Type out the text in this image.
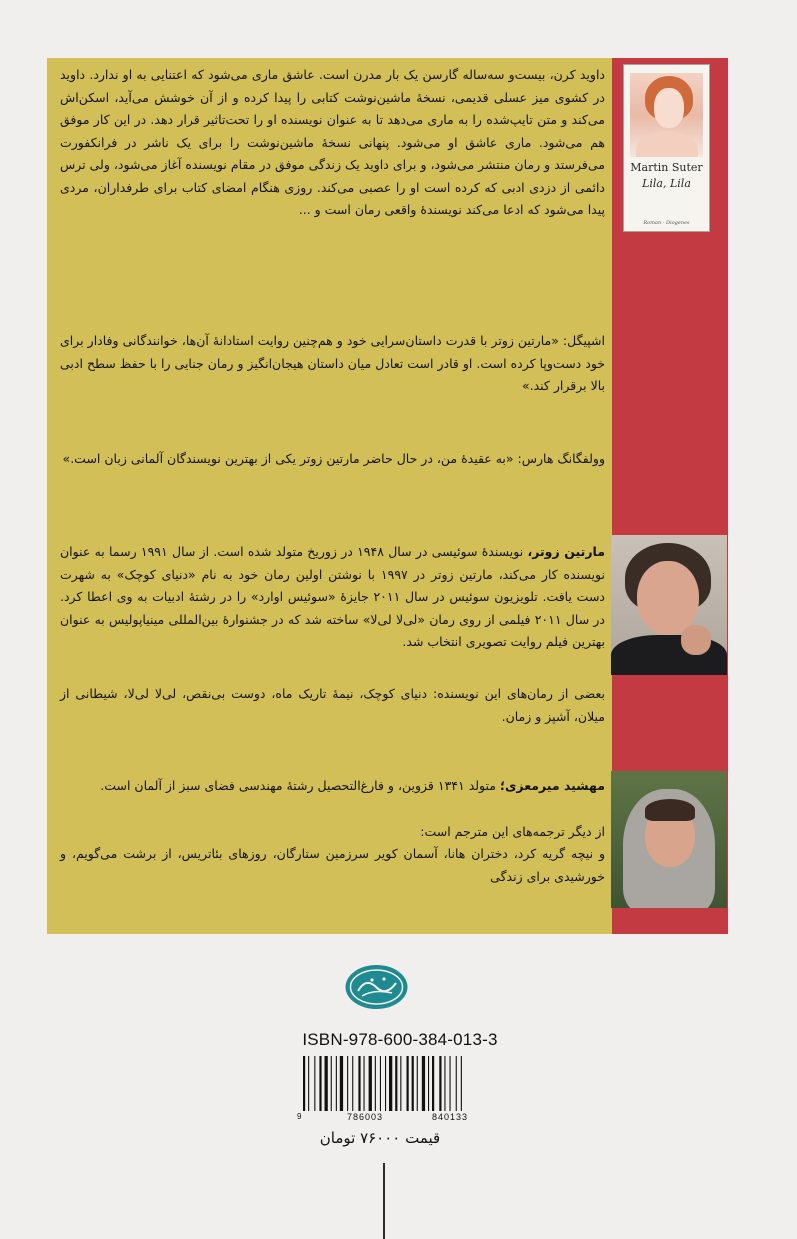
Martin Suter
Lila, Lila
Roman · Diogenes
داوید کرن، بیست‌و سه‌ساله گارسن یک بار مدرن است. عاشق ماری می‌شود که اعتنایی به او ندارد. داوید در کشوی میز عسلی قدیمی، نسخهٔ ماشین‌نوشت کتابی را پیدا کرده و از آن خوشش می‌آید، اسکن‌اش می‌کند و متن تایپ‌شده را به ماری می‌دهد تا به عنوان نویسنده او را تحت‌تاثیر قرار دهد. در این کار موفق هم می‌شود. ماری عاشق او می‌شود. پنهانی نسخهٔ ماشین‌نوشت را برای یک ناشر در فرانکفورت می‌فرستد و رمان منتشر می‌شود، و برای داوید یک زندگی موفق در مقام نویسنده آغاز می‌شود، ولی ترس دائمی از دزدی ادبی که کرده است او را عصبی می‌کند. روزی هنگام امضای کتاب برای طرفداران، مردی پیدا می‌شود که ادعا می‌کند نویسندهٔ واقعی رمان است و ...
اشپیگل: «مارتین زوتر با قدرت داستان‌سرایی خود و هم‌چنین روایت استادانهٔ آن‌ها، خوانندگانی وفادار برای خود دست‌وپا کرده است. او قادر است تعادل میان داستان هیجان‌انگیز و رمان جنایی را با حفظ سطح ادبی بالا برقرار کند.»
وولفگانگ هارس: «به عقیدهٔ من، در حال حاضر مارتین زوتر یکی از بهترین نویسندگان آلمانی زبان است.»
مارتین زوتر، نویسندهٔ سوئیسی در سال ۱۹۴۸ در زوریخ متولد شده است. از سال ۱۹۹۱ رسما به عنوان نویسنده کار می‌کند، مارتین زوتر در ۱۹۹۷ با نوشتن اولین رمان خود به نام «دنیای کوچک» به شهرت دست یافت. تلویزیون سوئیس در سال ۲۰۱۱ جایزهٔ «سوئیس اوارد» را در رشتهٔ ادبیات به وی اعطا کرد. در سال ۲۰۱۱ فیلمی از روی رمان «لی‌لا لی‌لا» ساخته شد که در جشنوارهٔ بین‌المللی مینیاپولیس به عنوان بهترین فیلم روایت تصویری انتخاب شد.
بعضی از رمان‌های این نویسنده: دنیای کوچک، نیمهٔ تاریک ماه، دوست بی‌نقص، لی‌لا لی‌لا، شیطانی از میلان، آشپز و زمان.
مهشید میرمعزی؛ متولد ۱۳۴۱ قزوین، و فارغ‌التحصیل رشتهٔ مهندسی فضای سبز از آلمان است.
از دیگر ترجمه‌های این مترجم است:
و نیچه گریه کرد، دختران هانا، آسمان کویر سرزمین ستارگان، روزهای بئاتریس، از برشت می‌گویم، و خورشیدی برای زندگی
ISBN-978-600-384-013-3
9	786003	840133
قیمت ۷۶۰۰۰ تومان
